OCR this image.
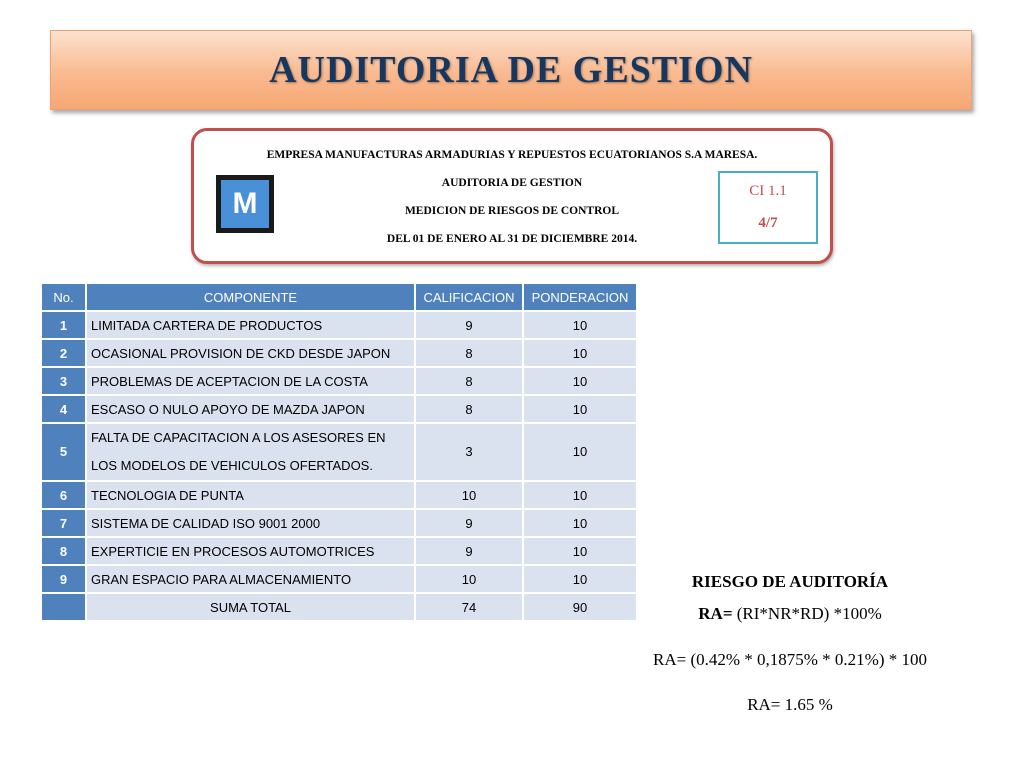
AUDITORIA DE GESTION
EMPRESA MANUFACTURAS ARMADURIAS Y REPUESTOS ECUATORIANOS S.A MARESA.
AUDITORIA DE GESTION
MEDICION DE RIESGOS DE CONTROL
DEL 01 DE ENERO AL 31 DE DICIEMBRE 2014.
M	CI 1.1
4/7
No.	COMPONENTE	CALIFICACION	PONDERACION
1	LIMITADA CARTERA DE PRODUCTOS	9	10
2	OCASIONAL PROVISION DE CKD DESDE JAPON	8	10
3	PROBLEMAS DE ACEPTACION DE LA COSTA	8	10
4	ESCASO O NULO APOYO DE MAZDA JAPON	8	10
5	FALTA DE CAPACITACION A LOS ASESORES EN LOS MODELOS DE VEHICULOS OFERTADOS.	3	10
6	TECNOLOGIA DE PUNTA	10	10
7	SISTEMA DE CALIDAD ISO 9001 2000	9	10
8	EXPERTICIE EN PROCESOS AUTOMOTRICES	9	10
9	GRAN ESPACIO PARA ALMACENAMIENTO	10	10
	SUMA TOTAL	74	90
RIESGO DE AUDITORÍA
RA= (RI*NR*RD) *100%
RA= (0.42% * 0,1875% * 0.21%) * 100
RA= 1.65 %
